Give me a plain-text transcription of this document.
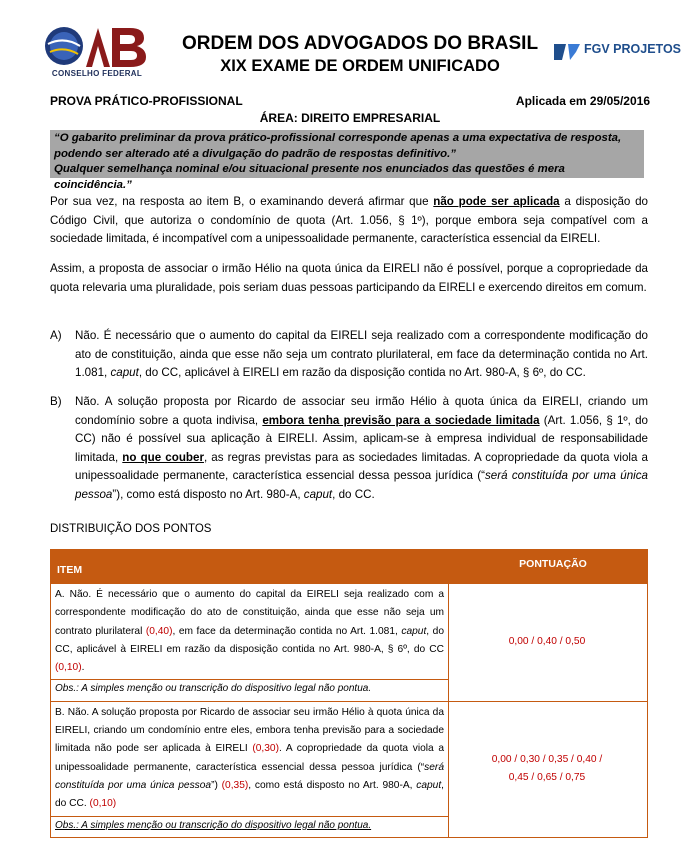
CONSELHO FEDERAL
ORDEM DOS ADVOGADOS DO BRASIL
XIX EXAME DE ORDEM UNIFICADO
FGV PROJETOS
PROVA PRÁTICO-PROFISSIONAL	Aplicada em 29/05/2016
ÁREA: DIREITO EMPRESARIAL
“O gabarito preliminar da prova prático-profissional corresponde apenas a uma expectativa de resposta, podendo ser alterado até a divulgação do padrão de respostas definitivo.”
Qualquer semelhança nominal e/ou situacional presente nos enunciados das questões é mera coincidência.”
Por sua vez, na resposta ao item B, o examinando deverá afirmar que não pode ser aplicada a disposição do Código Civil, que autoriza o condomínio de quota (Art. 1.056, § 1º), porque embora seja compatível com a sociedade limitada, é incompatível com a unipessoalidade permanente, característica essencial da EIRELI.
Assim, a proposta de associar o irmão Hélio na quota única da EIRELI não é possível, porque a copropriedade da quota relevaria uma pluralidade, pois seriam duas pessoas participando da EIRELI e exercendo direitos em comum.
A) Não. É necessário que o aumento do capital da EIRELI seja realizado com a correspondente modificação do ato de constituição, ainda que esse não seja um contrato plurilateral, em face da determinação contida no Art. 1.081, caput, do CC, aplicável à EIRELI em razão da disposição contida no Art. 980-A, § 6º, do CC.
B) Não. A solução proposta por Ricardo de associar seu irmão Hélio à quota única da EIRELI, criando um condomínio sobre a quota indivisa, embora tenha previsão para a sociedade limitada (Art. 1.056, § 1º, do CC) não é possível sua aplicação à EIRELI. Assim, aplicam-se à empresa individual de responsabilidade limitada, no que couber, as regras previstas para as sociedades limitadas. A copropriedade da quota viola a unipessoalidade permanente, característica essencial dessa pessoa jurídica (“será constituída por uma única pessoa”), como está disposto no Art. 980-A, caput, do CC.
DISTRIBUIÇÃO DOS PONTOS
ITEM	PONTUAÇÃO
A. Não. É necessário que o aumento do capital da EIRELI seja realizado com a correspondente modificação do ato de constituição, ainda que esse não seja um contrato plurilateral (0,40), em face da determinação contida no Art. 1.081, caput, do CC, aplicável à EIRELI em razão da disposição contida no Art. 980-A, § 6º, do CC (0,10).
Obs.: A simples menção ou transcrição do dispositivo legal não pontua.
0,00 / 0,40 / 0,50
B. Não. A solução proposta por Ricardo de associar seu irmão Hélio à quota única da EIRELI, criando um condomínio entre eles, embora tenha previsão para a sociedade limitada não pode ser aplicada à EIRELI (0,30). A copropriedade da quota viola a unipessoalidade permanente, característica essencial dessa pessoa jurídica (“será constituída por uma única pessoa”) (0,35), como está disposto no Art. 980-A, caput, do CC. (0,10)
Obs.: A simples menção ou transcrição do dispositivo legal não pontua.
0,00 / 0,30 / 0,35 / 0,40 /
0,45 / 0,65 / 0,75
